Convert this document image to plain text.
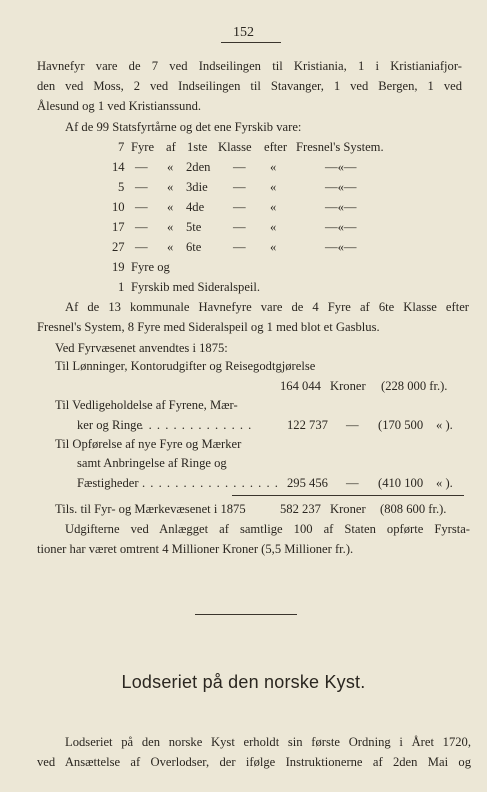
152
Havnefyr vare de 7 ved Indseilingen til Kristiania, 1 i Kristianiafjor-
den ved Moss, 2 ved Indseilingen til Stavanger, 1 ved Bergen, 1 ved
Ålesund og 1 ved Kristianssund.
Af de 99 Statsfyrtårne og det ene Fyrskib vare:
7 Fyre af 1ste Klasse efter Fresnel's System.
14 — « 2den — «	—«—
5 — « 3die — «	—«—
10 — « 4de — «	—«—
17 — « 5te	— «	—«—
27 — « 6te	— «	—«—
19 Fyre og
1 Fyrskib med Sideralspeil.
Af de 13 kommunale Havnefyre vare de 4 Fyre af 6te Klasse efter
Fresnel's System, 8 Fyre med Sideralspeil og 1 med blot et Gasblus.
Ved Fyrvæsenet anvendtes i 1875:
Til Lønninger, Kontorudgifter og Reisegodtgjørelse
164 044 Kroner (228 000 fr.).
Til Vedligeholdelse af Fyrene, Mær-
ker og Ringe
. . . . . . . . . . . . . . .	122 737 — (170 500 « ).
Til Opførelse af nye Fyre og Mærker
samt Anbringelse af Ringe og
Fæstigheder . . . . . . . . . . . . . . . . . 295 456 — (410 100 « ).
Tils. til Fyr- og Mærkevæsenet i 1875	582 237 Kroner (808 600 fr.).
Udgifterne ved Anlægget af samtlige 100 af Staten opførte Fyrsta-
tioner har været omtrent 4 Millioner Kroner (5,5 Millioner fr.).
Lodseriet på den norske Kyst.
Lodseriet på den norske Kyst erholdt sin første Ordning i Året 1720,
ved Ansættelse af Overlodser, der ifølge Instruktionerne af 2den Mai og
